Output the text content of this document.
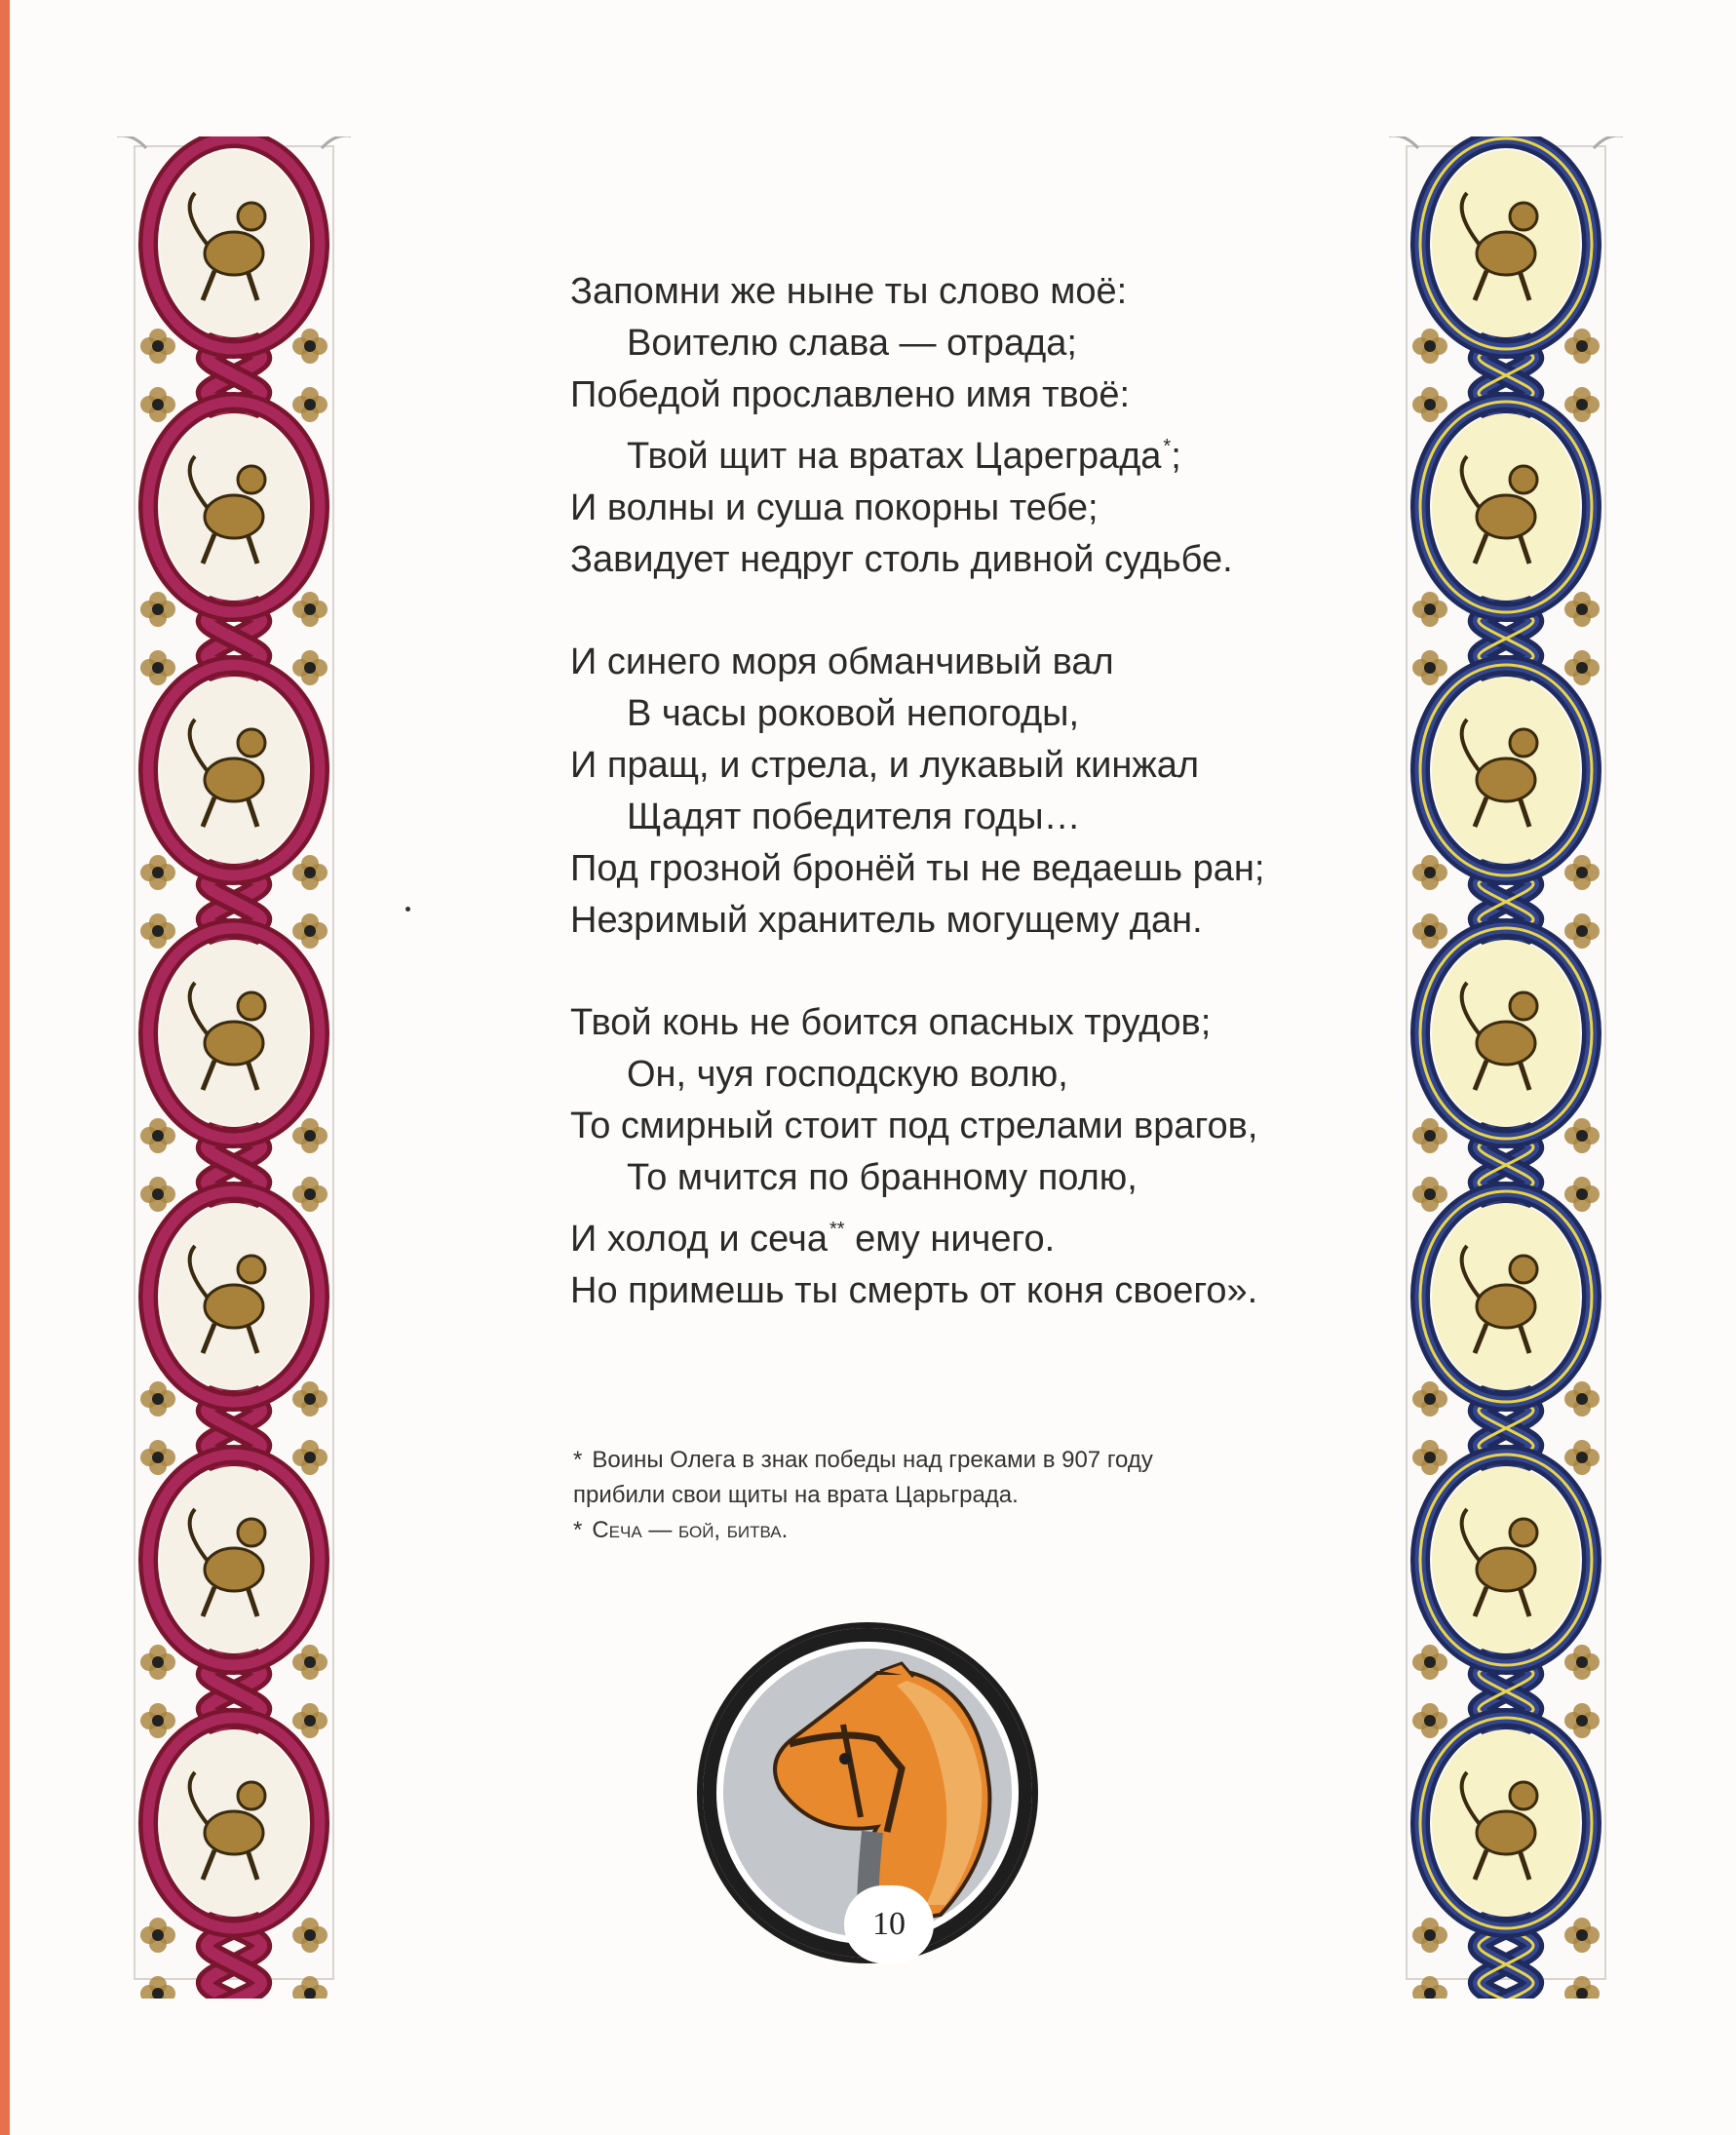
Запомни же ныне ты слово моё:
Воителю слава — отрада;
Победой прославлено имя твоё:
Твой щит на вратах Цареграда *;
И волны и суша покорны тебе;
Завидует недруг столь дивной судьбе.
И синего моря обманчивый вал
В часы роковой непогоды,
И пращ, и стрела, и лукавый кинжал
Щадят победителя годы…
Под грозной бронёй ты не ведаешь ран;
Незримый хранитель могущему дан.
Твой конь не боится опасных трудов;
Он, чуя господскую волю,
То смирный стоит под стрелами врагов,
То мчится по бранному полю,
И холод и сеча ** ему ничего.
Но примешь ты смерть от коня своего».
* Воины Олега в знак победы над греками в 907 году
прибили свои щиты на врата Царьграда.
* Сеча — бой, битва.
10
